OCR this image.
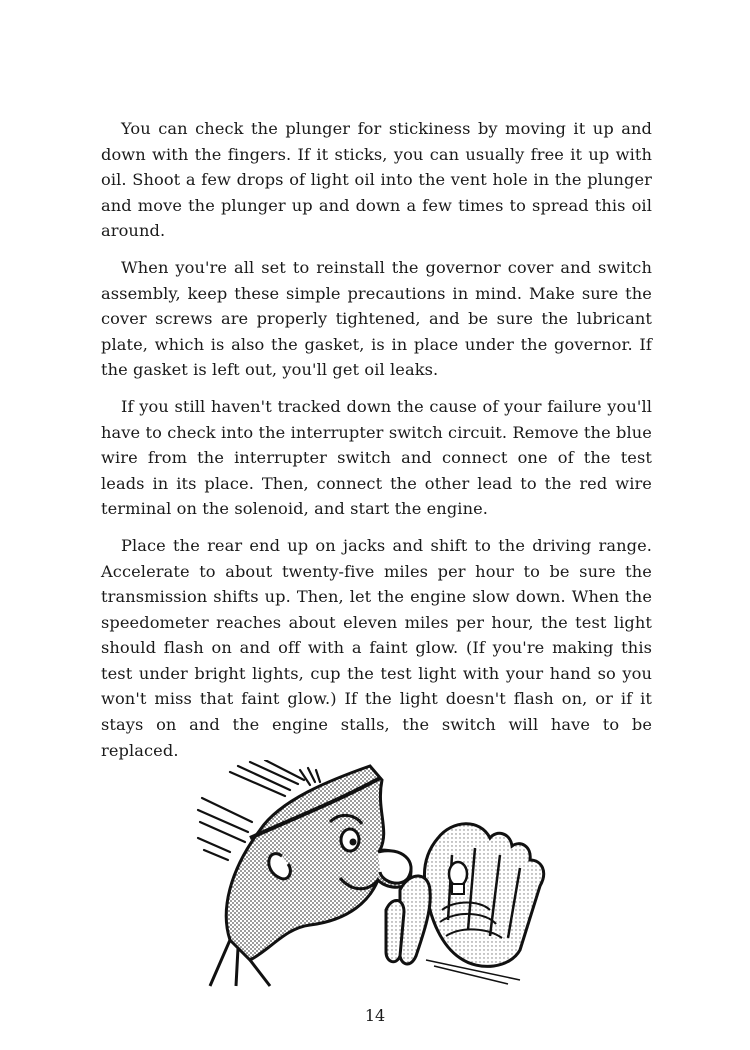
You can check the plunger for stickiness by moving it up and down with the fingers. If it sticks, you can usually free it up with oil. Shoot a few drops of light oil into the vent hole in the plunger and move the plunger up and down a few times to spread this oil around.

When you're all set to reinstall the governor cover and switch assembly, keep these simple precautions in mind. Make sure the cover screws are properly tightened, and be sure the lubricant plate, which is also the gasket, is in place under the governor. If the gasket is left out, you'll get oil leaks.

If you still haven't tracked down the cause of your failure you'll have to check into the interrupter switch circuit. Remove the blue wire from the interrupter switch and connect one of the test leads in its place. Then, connect the other lead to the red wire terminal on the solenoid, and start the engine.

Place the rear end up on jacks and shift to the driving range. Accelerate to about twenty-five miles per hour to be sure the transmission shifts up. Then, let the engine slow down. When the speedometer reaches about eleven miles per hour, the test light should flash on and off with a faint glow. (If you're making this test under bright lights, cup the test light with your hand so you won't miss that faint glow.) If the light doesn't flash on, or if it stays on and the engine stalls, the switch will have to be replaced.

14
